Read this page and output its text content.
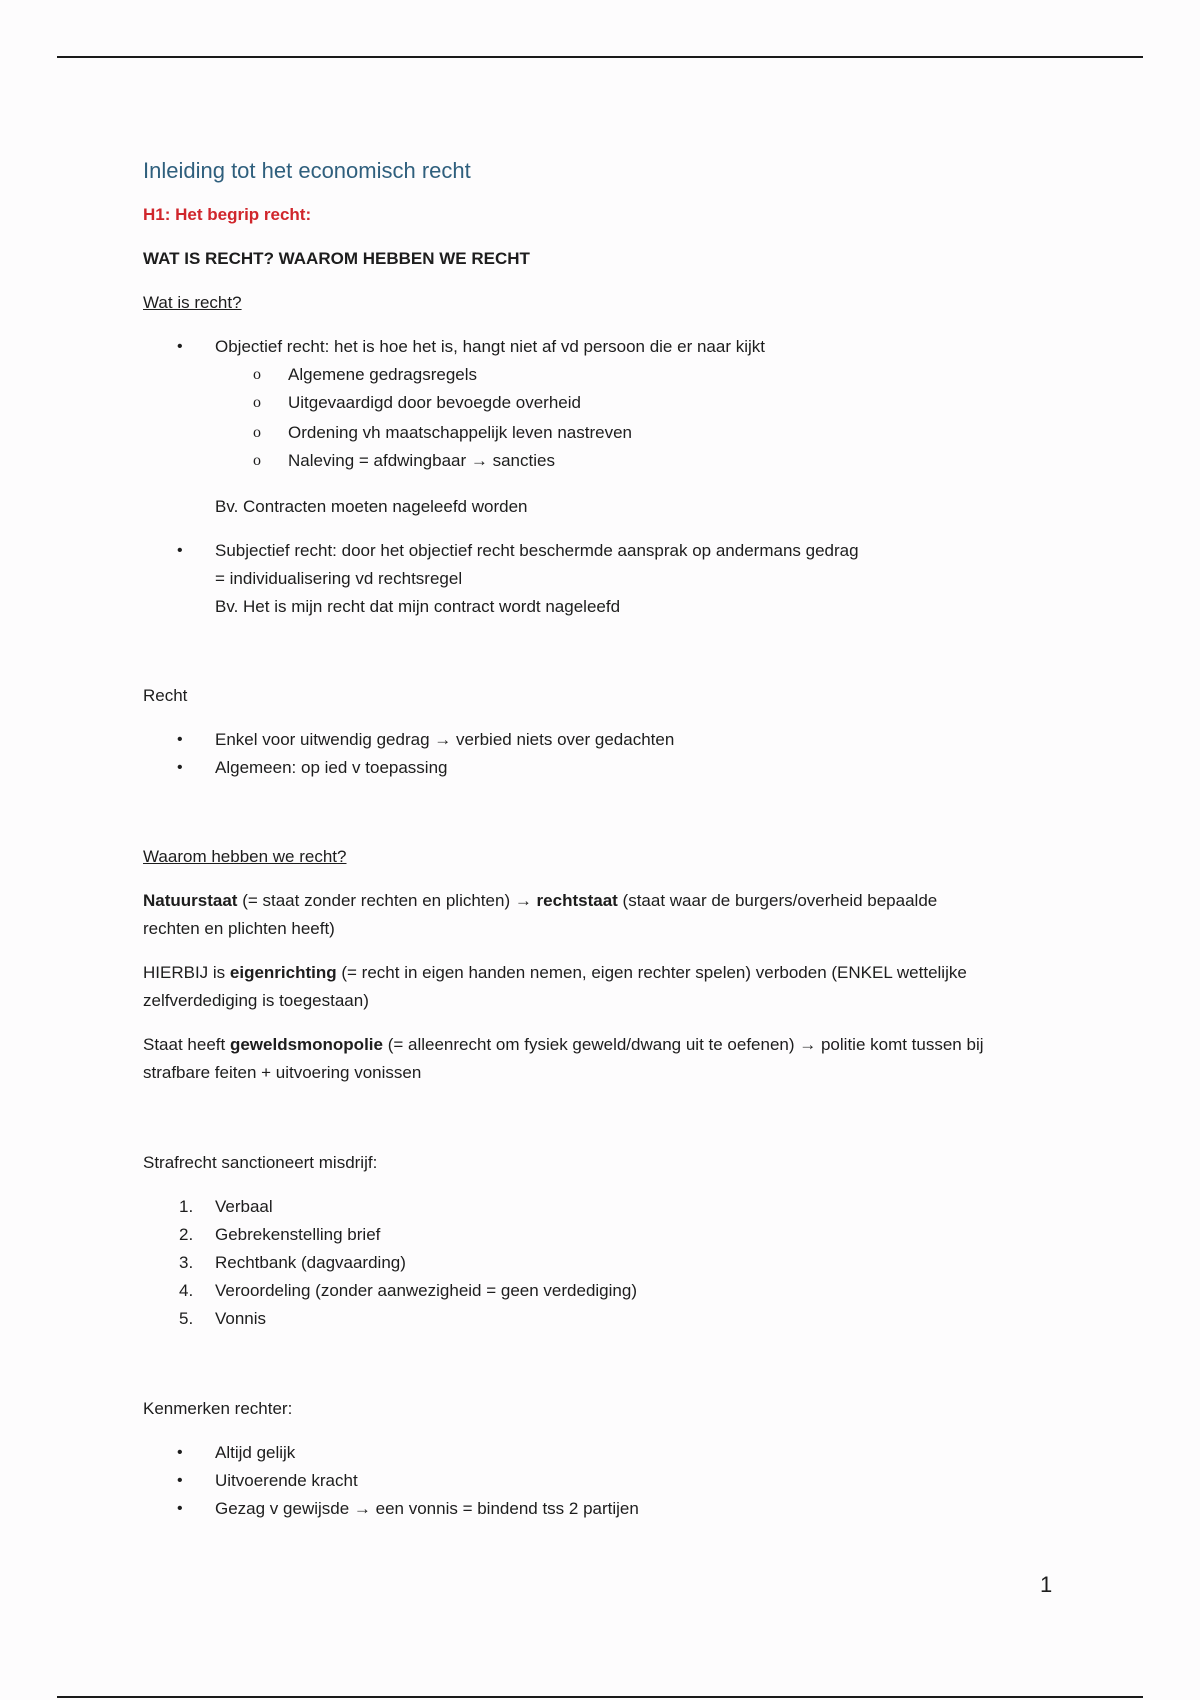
Inleiding tot het economisch recht
H1: Het begrip recht:
WAT IS RECHT? WAAROM HEBBEN WE RECHT
Wat is recht?
• Objectief recht: het is hoe het is, hangt niet af vd persoon die er naar kijkt
o Algemene gedragsregels
o Uitgevaardigd door bevoegde overheid
o Ordening vh maatschappelijk leven nastreven
o Naleving = afdwingbaar → sancties
Bv. Contracten moeten nageleefd worden
• Subjectief recht: door het objectief recht beschermde aansprak op andermans gedrag
= individualisering vd rechtsregel
Bv. Het is mijn recht dat mijn contract wordt nageleefd
Recht
• Enkel voor uitwendig gedrag → verbied niets over gedachten
• Algemeen: op ied v toepassing
Waarom hebben we recht?
Natuurstaat (= staat zonder rechten en plichten) → rechtstaat (staat waar de burgers/overheid bepaalde
rechten en plichten heeft)
HIERBIJ is eigenrichting (= recht in eigen handen nemen, eigen rechter spelen) verboden (ENKEL wettelijke
zelfverdediging is toegestaan)
Staat heeft geweldsmonopolie (= alleenrecht om fysiek geweld/dwang uit te oefenen) → politie komt tussen bij
strafbare feiten + uitvoering vonissen
Strafrecht sanctioneert misdrijf:
1. Verbaal
2. Gebrekenstelling brief
3. Rechtbank (dagvaarding)
4. Veroordeling (zonder aanwezigheid = geen verdediging)
5. Vonnis
Kenmerken rechter:
• Altijd gelijk
• Uitvoerende kracht
• Gezag v gewijsde → een vonnis = bindend tss 2 partijen
1
